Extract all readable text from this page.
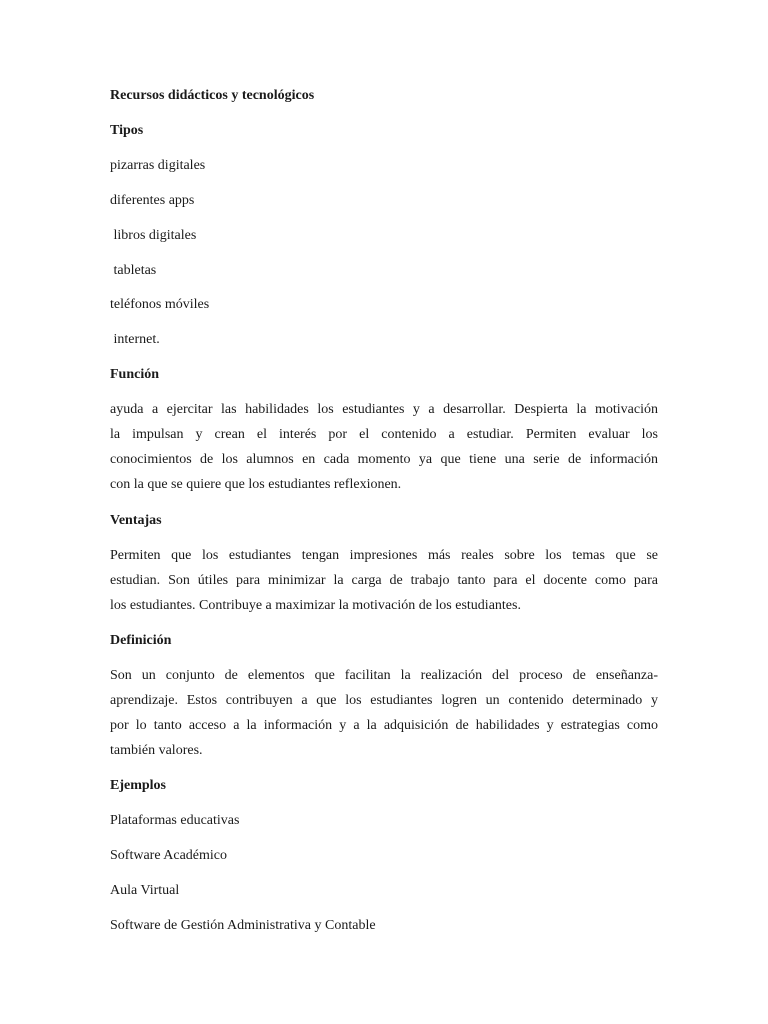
Recursos didácticos y tecnológicos
Tipos
pizarras digitales
diferentes apps
libros digitales
tabletas
teléfonos móviles
internet.
Función
ayuda a ejercitar las habilidades los estudiantes y a desarrollar. Despierta la motivación
la impulsan y crean el interés por el contenido a estudiar. Permiten evaluar los
conocimientos de los alumnos en cada momento ya que tiene una serie de información
con la que se quiere que los estudiantes reflexionen.
Ventajas
Permiten que los estudiantes tengan impresiones más reales sobre los temas que se
estudian. Son útiles para minimizar la carga de trabajo tanto para el docente como para
los estudiantes. Contribuye a maximizar la motivación de los estudiantes.
Definición
Son un conjunto de elementos que facilitan la realización del proceso de enseñanza-
aprendizaje. Estos contribuyen a que los estudiantes logren un contenido determinado y
por lo tanto acceso a la información y a la adquisición de habilidades y estrategias como
también valores.
Ejemplos
Plataformas educativas
Software Académico
Aula Virtual
Software de Gestión Administrativa y Contable
